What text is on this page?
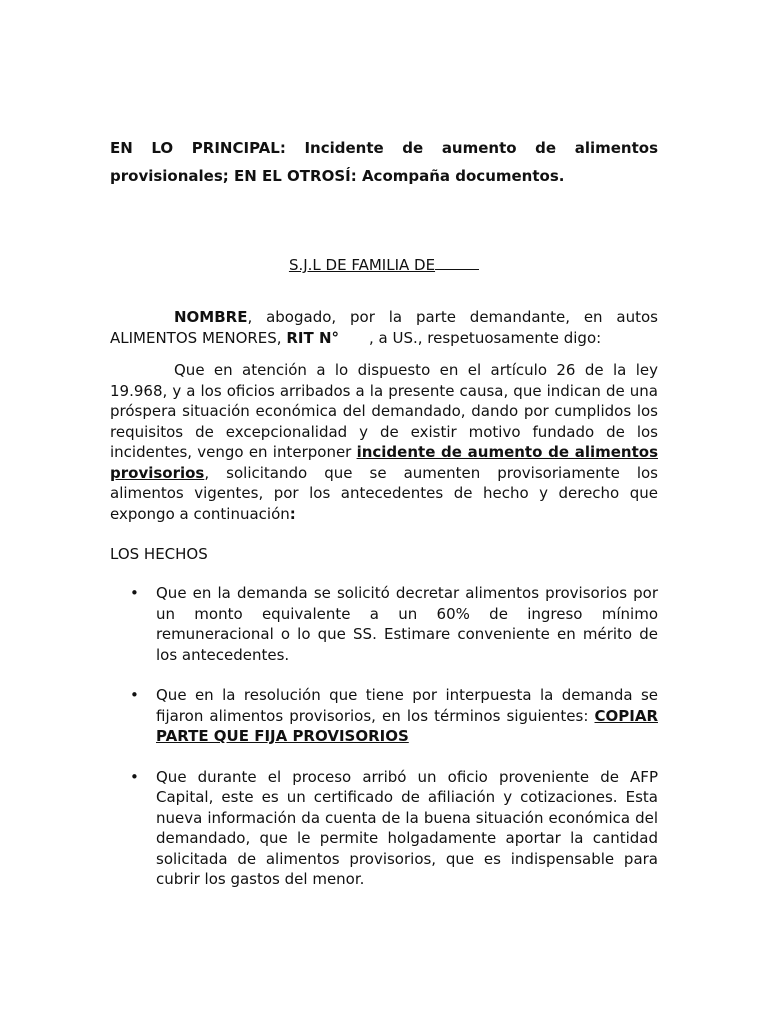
EN LO PRINCIPAL: Incidente de aumento de alimentos provisionales; EN EL OTROSÍ: Acompaña documentos.

S.J.L DE FAMILIA DE

NOMBRE, abogado, por la parte demandante, en autos ALIMENTOS MENORES, RIT N° , a US., respetuosamente digo:

Que en atención a lo dispuesto en el artículo 26 de la ley 19.968, y a los oficios arribados a la presente causa, que indican de una próspera situación económica del demandado, dando por cumplidos los requisitos de excepcionalidad y de existir motivo fundado de los incidentes, vengo en interponer incidente de aumento de alimentos provisorios, solicitando que se aumenten provisoriamente los alimentos vigentes, por los antecedentes de hecho y derecho que expongo a continuación:

LOS HECHOS

• Que en la demanda se solicitó decretar alimentos provisorios por un monto equivalente a un 60% de ingreso mínimo remuneracional o lo que SS. Estimare conveniente en mérito de los antecedentes.
• Que en la resolución que tiene por interpuesta la demanda se fijaron alimentos provisorios, en los términos siguientes: COPIAR PARTE QUE FIJA PROVISORIOS
• Que durante el proceso arribó un oficio proveniente de AFP Capital, este es un certificado de afiliación y cotizaciones. Esta nueva información da cuenta de la buena situación económica del demandado, que le permite holgadamente aportar la cantidad solicitada de alimentos provisorios, que es indispensable para cubrir los gastos del menor.
